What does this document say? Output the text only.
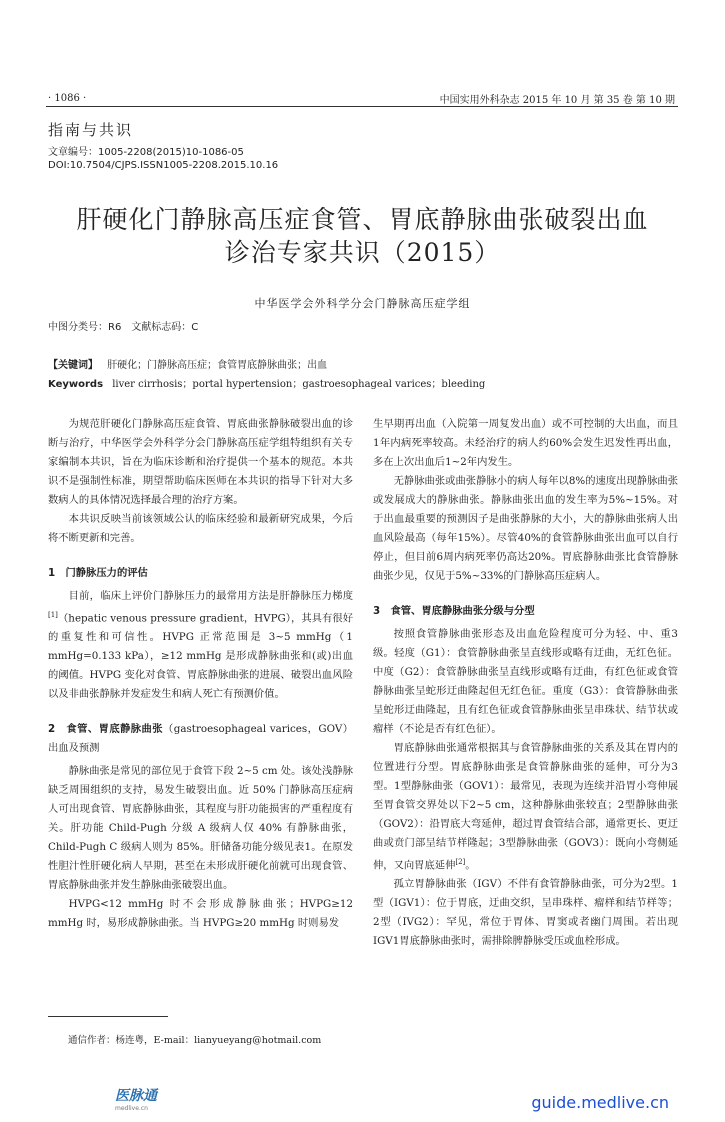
· 1086 ·	中国实用外科杂志 2015 年 10 月 第 35 卷 第 10 期
指南与共识
文章编号：1005-2208(2015)10-1086-05
DOI:10.7504/CJPS.ISSN1005-2208.2015.10.16
肝硬化门静脉高压症食管、胃底静脉曲张破裂出血
诊治专家共识（2015）
中华医学会外科学分会门静脉高压症学组
中图分类号：R6　文献标志码：C
【关键词】 肝硬化；门静脉高压症；食管胃底静脉曲张；出血
Keywords liver cirrhosis；portal hypertension；gastroesophageal varices；bleeding

为规范肝硬化门静脉高压症食管、胃底曲张静脉破裂出血的诊断与治疗，中华医学会外科学分会门静脉高压症学组特组织有关专家编制本共识，旨在为临床诊断和治疗提供一个基本的规范。本共识不是强制性标准，期望帮助临床医师在本共识的指导下针对大多数病人的具体情况选择最合理的治疗方案。

本共识反映当前该领域公认的临床经验和最新研究成果，今后将不断更新和完善。

1　门静脉压力的评估

目前，临床上评价门静脉压力的最常用方法是肝静脉压力梯度[1]（hepatic venous pressure gradient，HVPG），其具有很好的重复性和可信性。HVPG 正常范围是 3~5 mmHg（1 mmHg=0.133 kPa），≥12 mmHg 是形成静脉曲张和(或)出血的阈值。HVPG 变化对食管、胃底静脉曲张的进展、破裂出血风险以及非曲张静脉并发症发生和病人死亡有预测价值。

2　食管、胃底静脉曲张（gastroesophageal varices，GOV）出血及预测

静脉曲张是常见的部位见于食管下段 2~5 cm 处。该处浅静脉缺乏周围组织的支持，易发生破裂出血。近 50% 门静脉高压症病人可出现食管、胃底静脉曲张，其程度与肝功能损害的严重程度有关。肝功能 Child-Pugh 分级 A 级病人仅 40% 有静脉曲张，Child-Pugh C 级病人则为 85%。肝储备功能分级见表1。在原发性胆汁性肝硬化病人早期，甚至在未形成肝硬化前就可出现食管、胃底静脉曲张并发生静脉曲张破裂出血。

HVPG<12 mmHg 时不会形成静脉曲张；HVPG≥12 mmHg 时，易形成静脉曲张。当 HVPG≥20 mmHg 时则易发

生早期再出血（入院第一周复发出血）或不可控制的大出血，而且1年内病死率较高。未经治疗的病人约60%会发生迟发性再出血，多在上次出血后1~2年内发生。

无静脉曲张或曲张静脉小的病人每年以8%的速度出现静脉曲张或发展成大的静脉曲张。静脉曲张出血的发生率为5%~15%。对于出血最重要的预测因子是曲张静脉的大小，大的静脉曲张病人出血风险最高（每年15%）。尽管40%的食管静脉曲张出血可以自行停止，但目前6周内病死率仍高达20%。胃底静脉曲张比食管静脉曲张少见，仅见于5%~33%的门静脉高压症病人。

3　食管、胃底静脉曲张分级与分型

按照食管静脉曲张形态及出血危险程度可分为轻、中、重3级。轻度（G1）：食管静脉曲张呈直线形或略有迂曲，无红色征。中度（G2）：食管静脉曲张呈直线形或略有迂曲，有红色征或食管静脉曲张呈蛇形迂曲隆起但无红色征。重度（G3）：食管静脉曲张呈蛇形迂曲隆起，且有红色征或食管静脉曲张呈串珠状、结节状或瘤样（不论是否有红色征）。

胃底静脉曲张通常根据其与食管静脉曲张的关系及其在胃内的位置进行分型。胃底静脉曲张是食管静脉曲张的延伸，可分为3型。1型静脉曲张（GOV1）：最常见，表现为连续并沿胃小弯伸展至胃食管交界处以下2~5 cm，这种静脉曲张较直；2型静脉曲张（GOV2）：沿胃底大弯延伸，超过胃食管结合部，通常更长、更迂曲或贲门部呈结节样隆起；3型静脉曲张（GOV3）：既向小弯侧延伸，又向胃底延伸[2]。

孤立胃静脉曲张（IGV）不伴有食管静脉曲张，可分为2型。1型（IGV1）：位于胃底，迂曲交织，呈串珠样、瘤样和结节样等；2型（IVG2）：罕见，常位于胃体、胃窦或者幽门周围。若出现IGV1胃底静脉曲张时，需排除脾静脉受压或血栓形成。

通信作者：杨连粤，E-mail：lianyueyang@hotmail.com
医脉通
medlive.cn	guide.medlive.cn
